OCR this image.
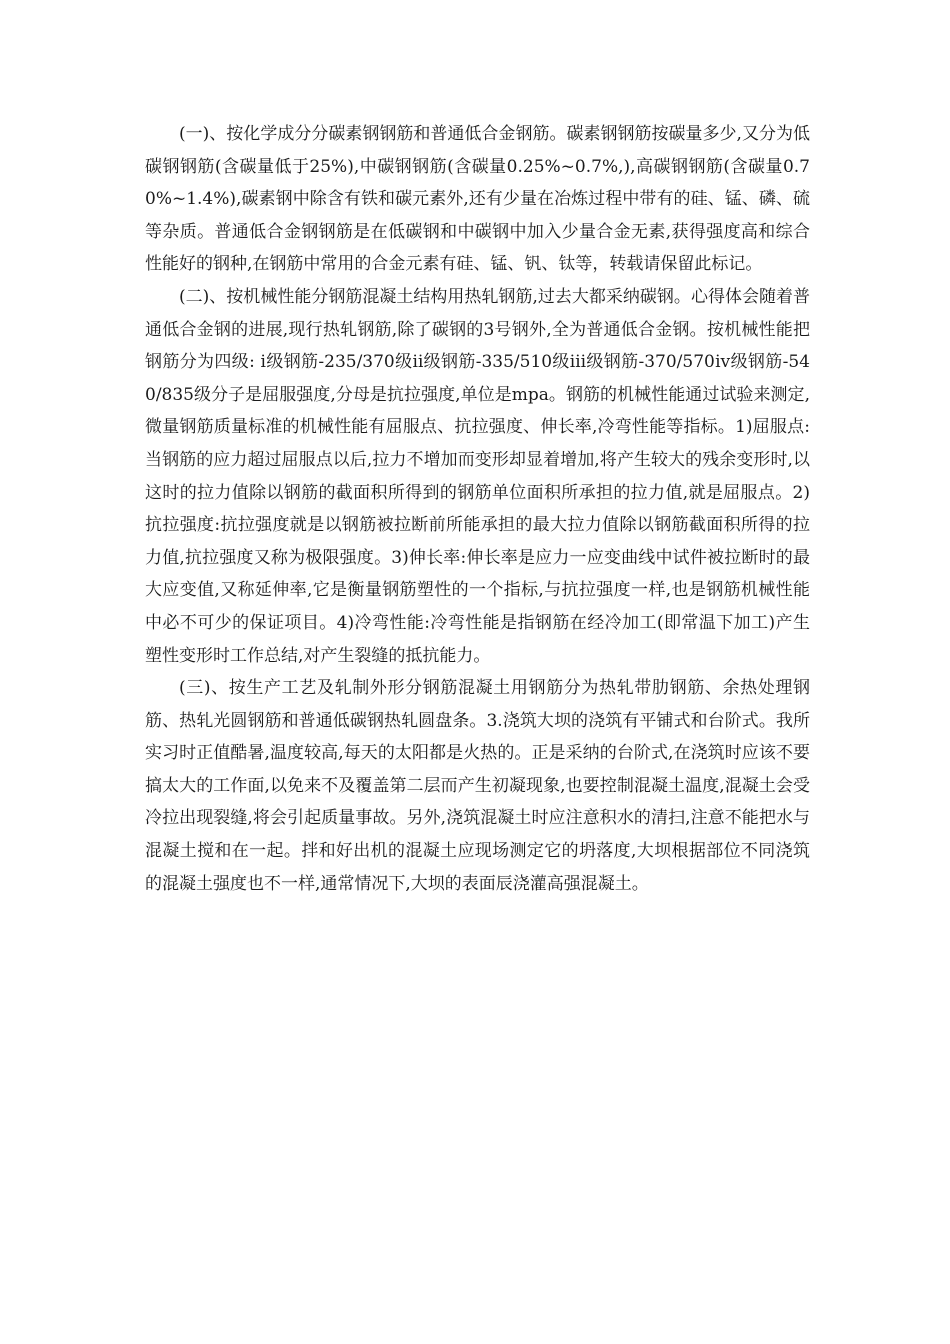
(一)、按化学成分分碳素钢钢筋和普通低合金钢筋。碳素钢钢筋按碳量多少,又分为低碳钢钢筋(含碳量低于25%),中碳钢钢筋(含碳量0.25%~0.7%,),高碳钢钢筋(含碳量0.70%~1.4%),碳素钢中除含有铁和碳元素外,还有少量在冶炼过程中带有的硅、锰、磷、硫等杂质。普通低合金钢钢筋是在低碳钢和中碳钢中加入少量合金无素,获得强度高和综合性能好的钢种,在钢筋中常用的合金元素有硅、锰、钒、钛等，转载请保留此标记。

(二)、按机械性能分钢筋混凝土结构用热轧钢筋,过去大都采纳碳钢。心得体会随着普通低合金钢的进展,现行热轧钢筋,除了碳钢的3号钢外,全为普通低合金钢。按机械性能把钢筋分为四级: ⅰ级钢筋-235/370级ⅱ级钢筋-335/510级ⅲ级钢筋-370/570ⅳ级钢筋-540/835级分子是屈服强度,分母是抗拉强度,单位是mpa。钢筋的机械性能通过试验来测定,微量钢筋质量标准的机械性能有屈服点、抗拉强度、伸长率,冷弯性能等指标。1)屈服点:当钢筋的应力超过屈服点以后,拉力不增加而变形却显着增加,将产生较大的残余变形时,以这时的拉力值除以钢筋的截面积所得到的钢筋单位面积所承担的拉力值,就是屈服点。2)抗拉强度:抗拉强度就是以钢筋被拉断前所能承担的最大拉力值除以钢筋截面积所得的拉力值,抗拉强度又称为极限强度。3)伸长率:伸长率是应力一应变曲线中试件被拉断时的最大应变值,又称延伸率,它是衡量钢筋塑性的一个指标,与抗拉强度一样,也是钢筋机械性能中必不可少的保证项目。4)冷弯性能:冷弯性能是指钢筋在经冷加工(即常温下加工)产生塑性变形时工作总结,对产生裂缝的抵抗能力。

(三)、按生产工艺及轧制外形分钢筋混凝土用钢筋分为热轧带肋钢筋、余热处理钢筋、热轧光圆钢筋和普通低碳钢热轧圆盘条。3.浇筑大坝的浇筑有平铺式和台阶式。我所实习时正值酷暑,温度较高,每天的太阳都是火热的。正是采纳的台阶式,在浇筑时应该不要搞太大的工作面,以免来不及覆盖第二层而产生初凝现象,也要控制混凝土温度,混凝土会受冷拉出现裂缝,将会引起质量事故。另外,浇筑混凝土时应注意积水的清扫,注意不能把水与混凝土搅和在一起。拌和好出机的混凝土应现场测定它的坍落度,大坝根据部位不同浇筑的混凝土强度也不一样,通常情况下,大坝的表面辰浇灌高强混凝土。
